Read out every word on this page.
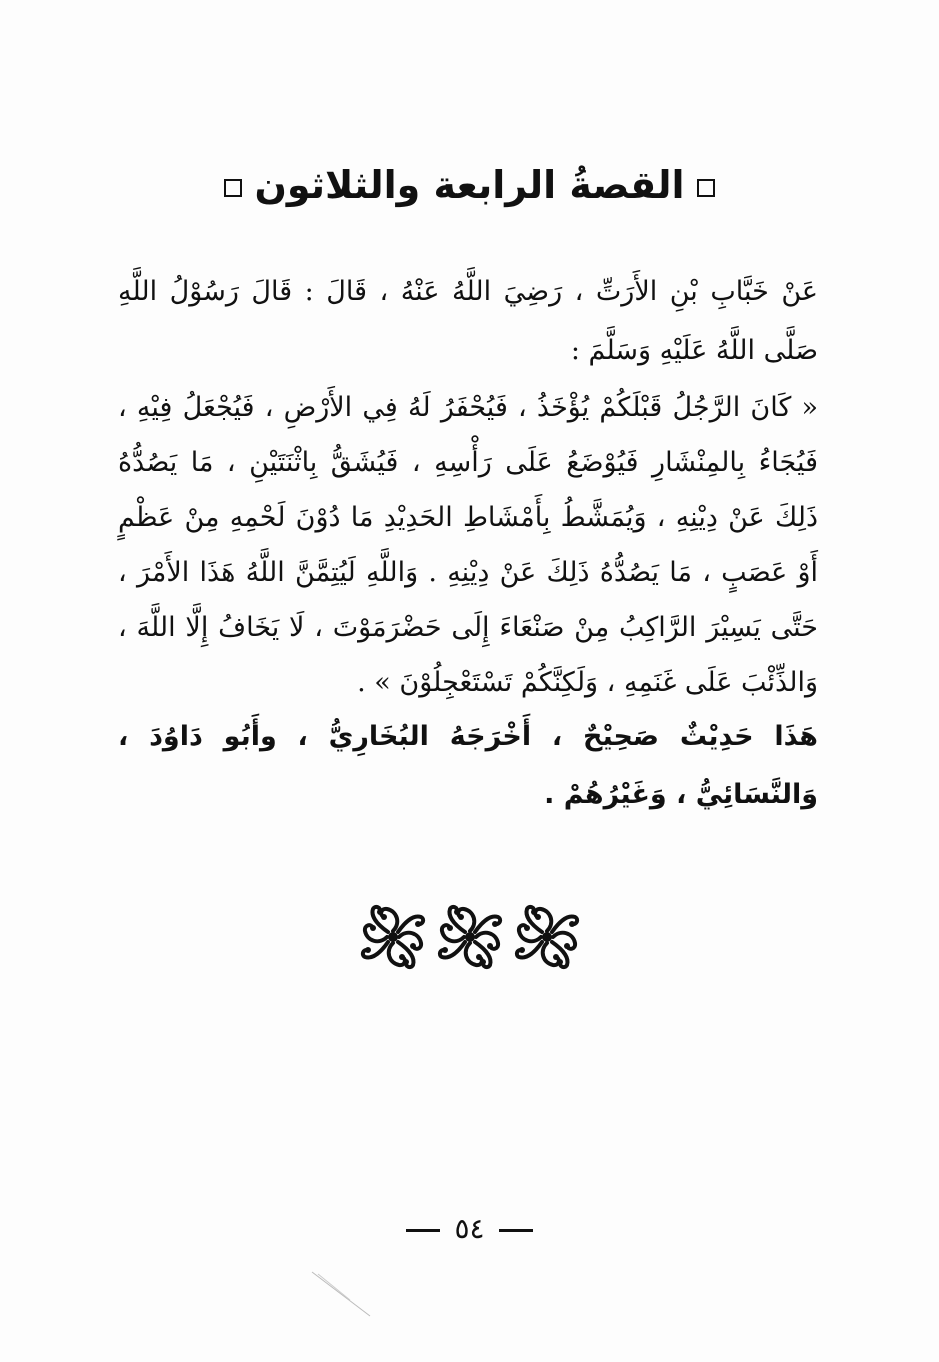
القصةُ الرابعة والثلاثون
عَنْ خَبَّابِ بْنِ الأَرَتِّ ، رَضِيَ اللَّهُ عَنْهُ ، قَالَ : قَالَ رَسُوْلُ اللَّهِ صَلَّى اللَّهُ عَلَيْهِ وَسَلَّمَ :
« كَانَ الرَّجُلُ قَبْلَكُمْ يُؤْخَذُ ، فَيُحْفَرُ لَهُ فِي الأَرْضِ ، فَيُجْعَلُ فِيْهِ ، فَيُجَاءُ بِالمِنْشَارِ فَيُوْضَعُ عَلَى رَأْسِهِ ، فَيُشَقُّ بِاثْنَتَيْنِ ، مَا يَصُدُّهُ ذَلِكَ عَنْ دِيْنِهِ ، وَيُمَشَّطُ بِأَمْشَاطِ الحَدِيْدِ مَا دُوْنَ لَحْمِهِ مِنْ عَظْمٍ أَوْ عَصَبٍ ، مَا يَصُدُّهُ ذَلِكَ عَنْ دِيْنِهِ . وَاللَّهِ لَيُتِمَّنَّ اللَّهُ هَذَا الأَمْرَ ، حَتَّى يَسِيْرَ الرَّاكِبُ مِنْ صَنْعَاءَ إِلَى حَضْرَمَوْتَ ، لَا يَخَافُ إِلَّا اللَّهَ ، وَالذِّئْبَ عَلَى غَنَمِهِ ، وَلَكِنَّكُمْ تَسْتَعْجِلُوْنَ » .
هَذَا حَدِيْثٌ صَحِيْحٌ ، أَخْرَجَهُ البُخَارِيُّ ، وأَبُو دَاوُدَ ، وَالنَّسَائِيُّ ، وَغَيْرُهُمْ .
٥٤
